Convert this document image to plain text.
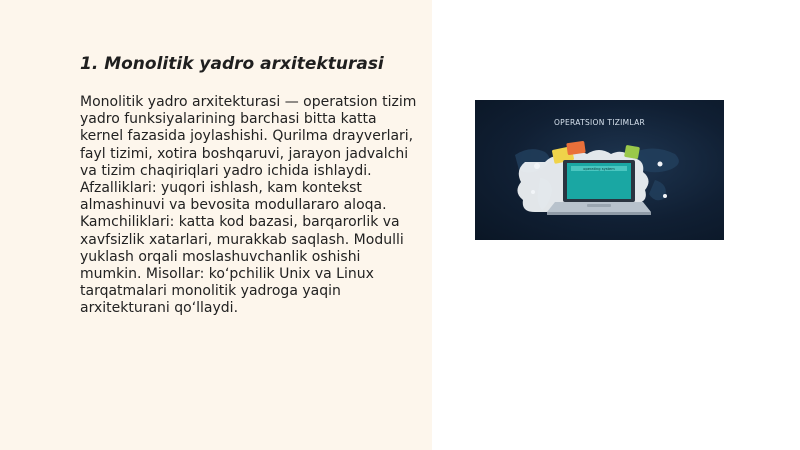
1. Monolitik yadro arxitekturasi

Monolitik yadro arxitekturasi — operatsion tizim yadro funksiyalarining barchasi bitta katta kernel fazasida joylashishi. Qurilma drayverlari, fayl tizimi, xotira boshqaruvi, jarayon jadvalchi va tizim chaqiriqlari yadro ichida ishlaydi. Afzalliklari: yuqori ishlash, kam kontekst almashinuvi va bevosita modullararo aloqa. Kamchiliklari: katta kod bazasi, barqarorlik va xavfsizlik xatarlari, murakkab saqlash. Modulli yuklash orqali moslashuvchanlik oshishi mumkin. Misollar: koʻpchilik Unix va Linux tarqatmalari monolitik yadroga yaqin arxitekturani qoʻllaydi.

OPERATSION TIZIMLAR
operating system
